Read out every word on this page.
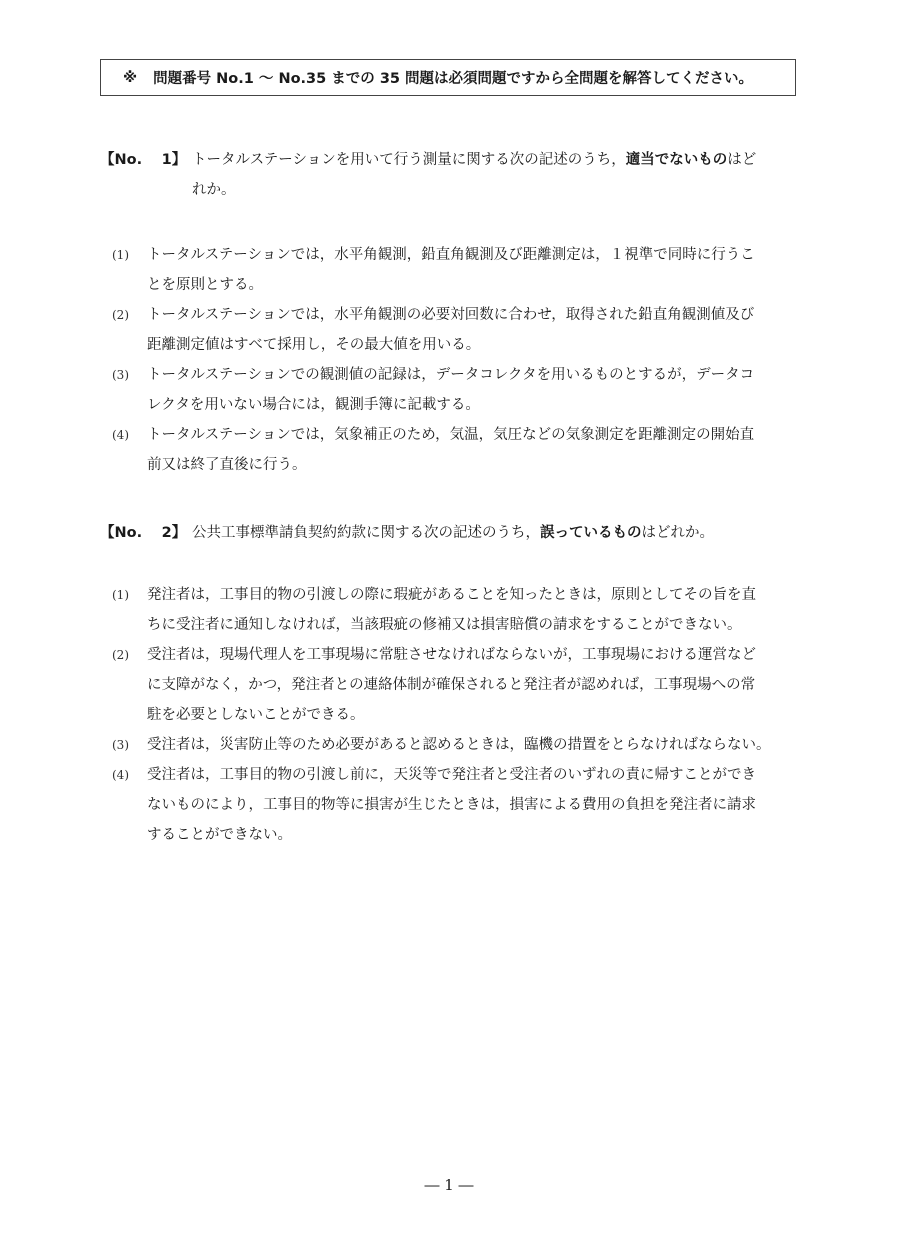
※ 問題番号 No.1 ～ No.35 までの 35 問題は必須問題ですから全問題を解答してください。
【No.　 1】 トータルステーションを用いて行う測量に関する次の記述のうち，適当でないものはど
れか。
(1) トータルステーションでは，水平角観測，鉛直角観測及び距離測定は，１視準で同時に行うこ
とを原則とする。
(2) トータルステーションでは，水平角観測の必要対回数に合わせ，取得された鉛直角観測値及び
距離測定値はすべて採用し，その最大値を用いる。
(3) トータルステーションでの観測値の記録は，データコレクタを用いるものとするが，データコ
レクタを用いない場合には，観測手簿に記載する。
(4) トータルステーションでは，気象補正のため，気温，気圧などの気象測定を距離測定の開始直
前又は終了直後に行う。
【No.　 2】 公共工事標準請負契約約款に関する次の記述のうち，誤っているものはどれか。
(1) 発注者は，工事目的物の引渡しの際に瑕疵があることを知ったときは，原則としてその旨を直
ちに受注者に通知しなければ，当該瑕疵の修補又は損害賠償の請求をすることができない。
(2) 受注者は，現場代理人を工事現場に常駐させなければならないが，工事現場における運営など
に支障がなく，かつ，発注者との連絡体制が確保されると発注者が認めれば，工事現場への常
駐を必要としないことができる。
(3) 受注者は，災害防止等のため必要があると認めるときは，臨機の措置をとらなければならない。
(4) 受注者は，工事目的物の引渡し前に，天災等で発注者と受注者のいずれの責に帰すことができ
ないものにより，工事目的物等に損害が生じたときは，損害による費用の負担を発注者に請求
することができない。
― 1 ―
